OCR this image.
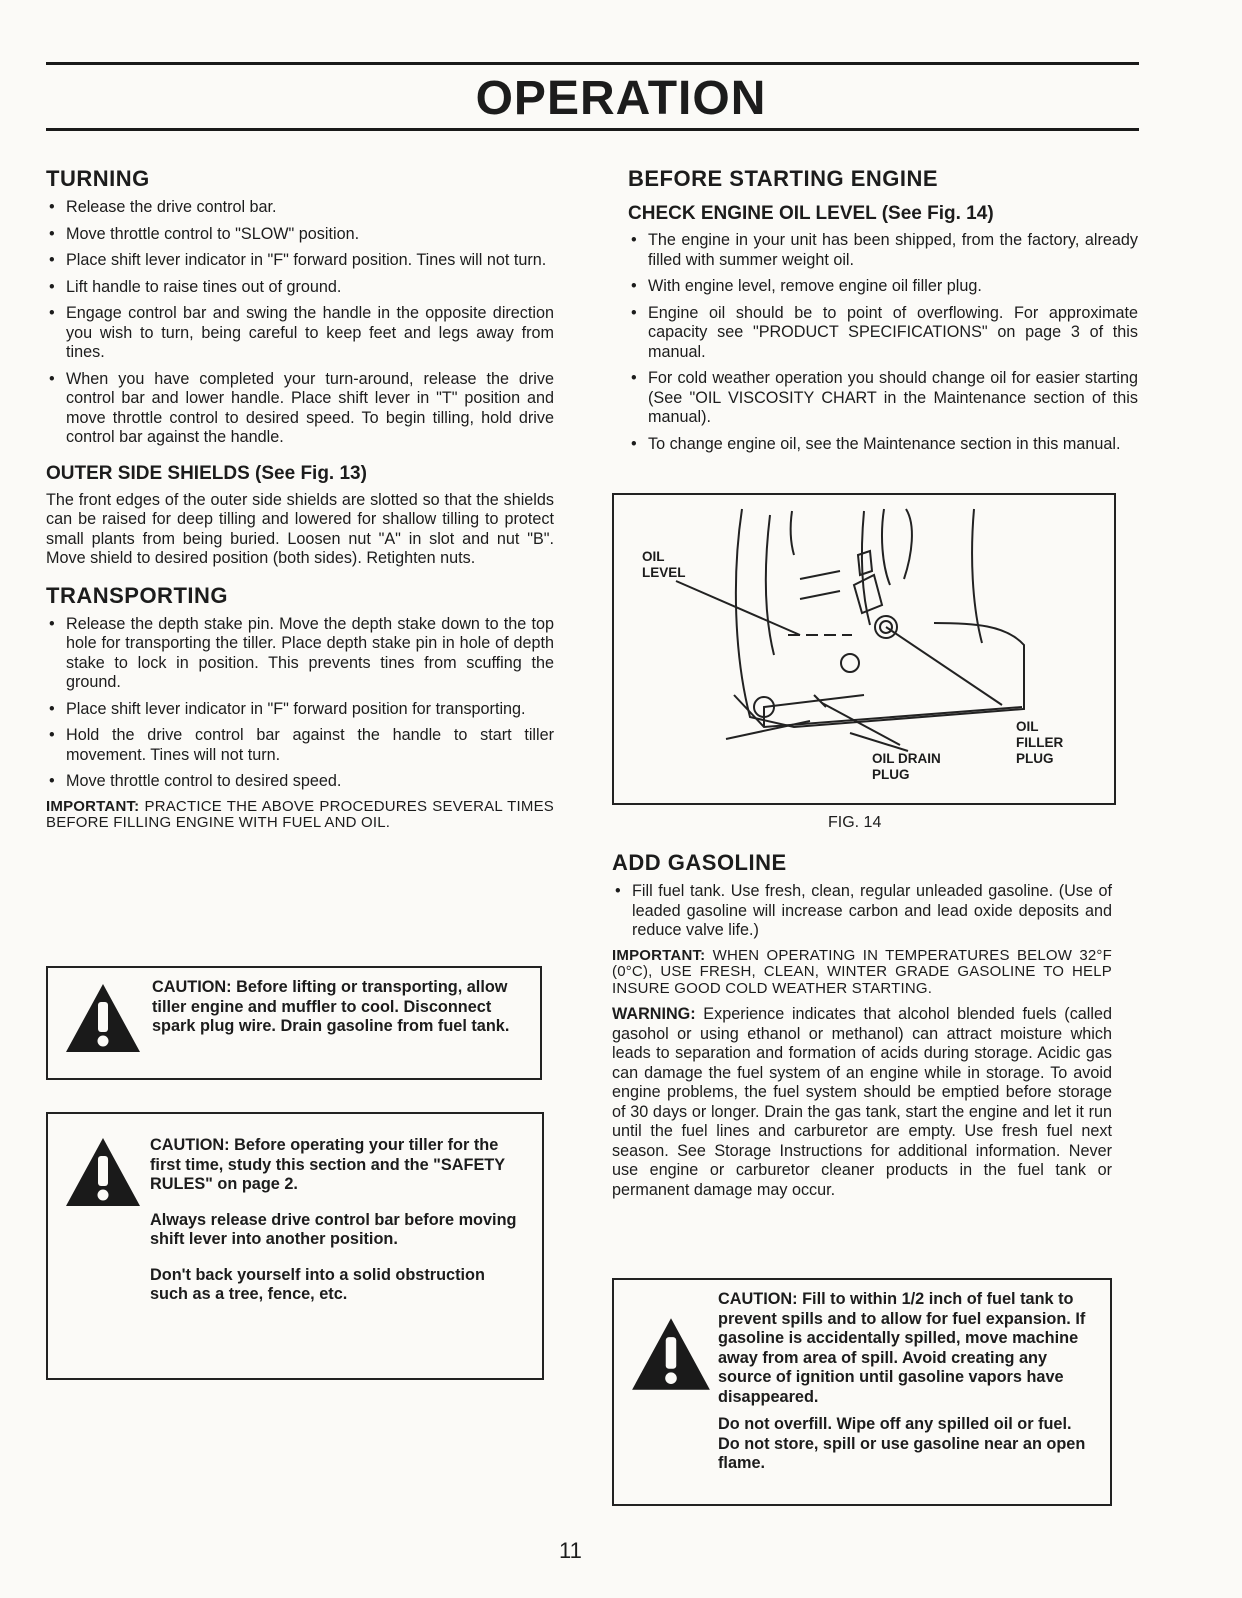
OPERATION
TURNING
• Release the drive control bar.
• Move throttle control to "SLOW" position.
• Place shift lever indicator in "F" forward position. Tines will not turn.
• Lift handle to raise tines out of ground.
• Engage control bar and swing the handle in the opposite direction you wish to turn, being careful to keep feet and legs away from tines.
• When you have completed your turn-around, release the drive control bar and lower handle. Place shift lever in "T" position and move throttle control to desired speed. To begin tilling, hold drive control bar against the handle.
OUTER SIDE SHIELDS (See Fig. 13)

The front edges of the outer side shields are slotted so that the shields can be raised for deep tilling and lowered for shallow tilling to protect small plants from being buried. Loosen nut "A" in slot and nut "B". Move shield to desired position (both sides). Retighten nuts.

TRANSPORTING
• Release the depth stake pin. Move the depth stake down to the top hole for transporting the tiller. Place depth stake pin in hole of depth stake to lock in position. This prevents tines from scuffing the ground.
• Place shift lever indicator in "F" forward position for transporting.
• Hold the drive control bar against the handle to start tiller movement. Tines will not turn.
• Move throttle control to desired speed.

IMPORTANT: PRACTICE THE ABOVE PROCEDURES SEVERAL TIMES BEFORE FILLING ENGINE WITH FUEL AND OIL.

CAUTION: Before lifting or transporting, allow tiller engine and muffler to cool. Disconnect spark plug wire. Drain gasoline from fuel tank.

CAUTION: Before operating your tiller for the first time, study this section and the "SAFETY RULES" on page 2.

Always release drive control bar before moving shift lever into another position.

Don't back yourself into a solid obstruction such as a tree, fence, etc.

BEFORE STARTING ENGINE
CHECK ENGINE OIL LEVEL (See Fig. 14)
• The engine in your unit has been shipped, from the factory, already filled with summer weight oil.
• With engine level, remove engine oil filler plug.
• Engine oil should be to point of overflowing. For approximate capacity see "PRODUCT SPECIFICATIONS" on page 3 of this manual.
• For cold weather operation you should change oil for easier starting (See "OIL VISCOSITY CHART in the Maintenance section of this manual).
• To change engine oil, see the Maintenance section in this manual.
OIL
LEVEL
OIL
FILLER
PLUG
OIL DRAIN
PLUG
FIG. 14
ADD GASOLINE
• Fill fuel tank. Use fresh, clean, regular unleaded gasoline. (Use of leaded gasoline will increase carbon and lead oxide deposits and reduce valve life.)

IMPORTANT: WHEN OPERATING IN TEMPERATURES BELOW 32°F (0°C), USE FRESH, CLEAN, WINTER GRADE GASOLINE TO HELP INSURE GOOD COLD WEATHER STARTING.

WARNING: Experience indicates that alcohol blended fuels (called gasohol or using ethanol or methanol) can attract moisture which leads to separation and formation of acids during storage. Acidic gas can damage the fuel system of an engine while in storage. To avoid engine problems, the fuel system should be emptied before storage of 30 days or longer. Drain the gas tank, start the engine and let it run until the fuel lines and carburetor are empty. Use fresh fuel next season. See Storage Instructions for additional information. Never use engine or carburetor cleaner products in the fuel tank or permanent damage may occur.

CAUTION: Fill to within 1/2 inch of fuel tank to prevent spills and to allow for fuel expansion. If gasoline is accidentally spilled, move machine away from area of spill. Avoid creating any source of ignition until gasoline vapors have disappeared.

Do not overfill. Wipe off any spilled oil or fuel. Do not store, spill or use gasoline near an open flame.

11
